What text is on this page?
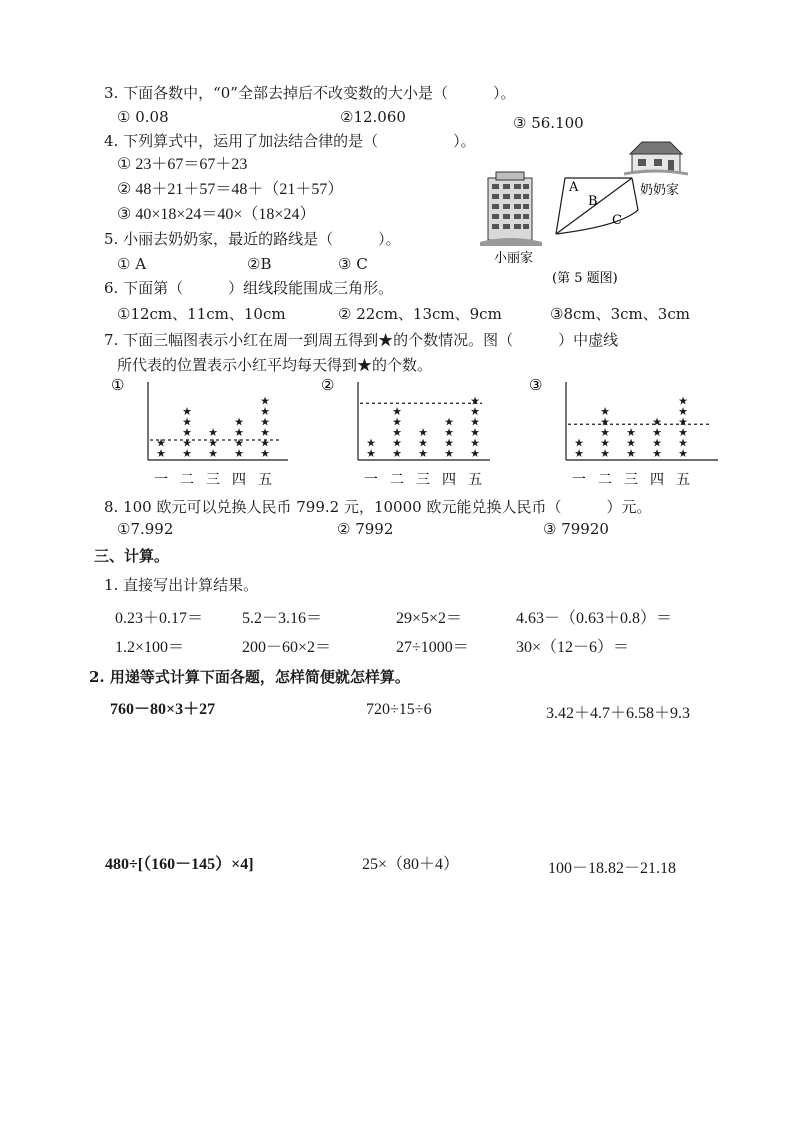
3. 下面各数中，“0”全部去掉后不改变数的大小是（　　　）。
① 0.08	②12.060	③ 56.100
4. 下列算式中，运用了加法结合律的是（　　　　　）。
① 23＋67＝67＋23
② 48＋21＋57＝48＋（21＋57）
③ 40×18×24＝40×（18×24）
5. 小丽去奶奶家，最近的路线是（　　　）。
① A	②B	③ C
A
B
C
奶奶家
小丽家
(第 5 题图)
6. 下面第（　　　）组线段能围成三角形。
①12cm、11cm、10cm	② 22cm、13cm、9cm	③8cm、3cm、3cm
7. 下面三幅图表示小红在周一到周五得到★的个数情况。图（　　　）中虚线
所代表的位置表示小红平均每天得到★的个数。
①
★
★
一
★
★
★
★
★
二
★
★
★
三
★
★
★
★
四
★
★
★
★
★
★
五
②
★
★
一
★
★
★
★
★
二
★
★
★
三
★
★
★
★
四
★
★
★
★
★
★
五
③
★
★
一
★
★
★
★
★
二
★
★
★
三
★
★
★
★
四
★
★
★
★
★
★
五
8. 100 欧元可以兑换人民币 799.2 元，10000 欧元能兑换人民币（　　　）元。
①7.992	② 7992	③ 79920
三、计算。
1. 直接写出计算结果。
0.23＋0.17＝ 5.2－3.16＝	29×5×2＝	4.63－（0.63＋0.8）＝
1.2×100＝	200－60×2＝	27÷1000＝	30×（12－6）＝
2. 用递等式计算下面各题，怎样简便就怎样算。
760－80×3＋27	720÷15÷6	3.42＋4.7＋6.58＋9.3
480÷[（160－145）×4]	25×（80＋4）	100－18.82－21.18
